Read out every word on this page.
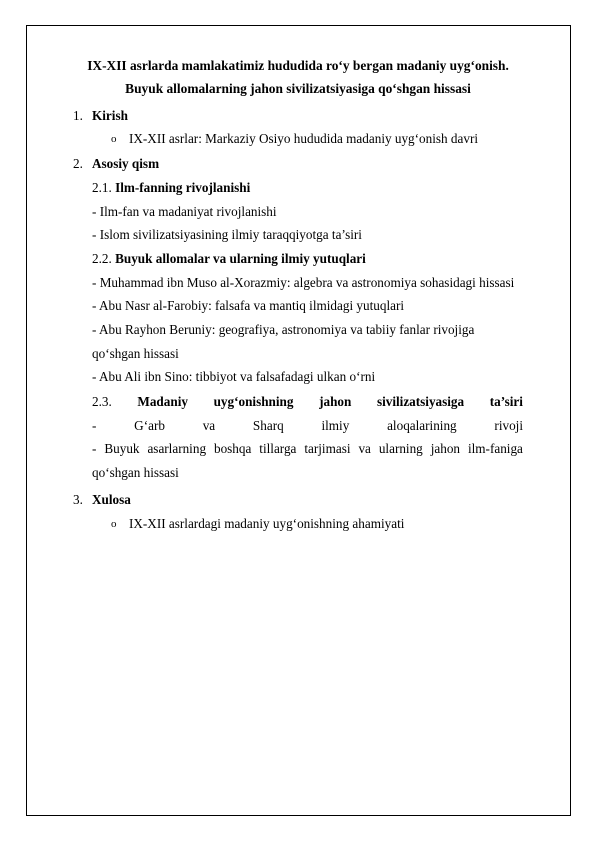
IX-XII asrlarda mamlakatimiz hududida ro‘y bergan madaniy uyg‘onish.
Buyuk allomalarning jahon sivilizatsiyasiga qo‘shgan hissasi
1. Kirish
o IX-XII asrlar: Markaziy Osiyo hududida madaniy uyg‘onish davri
2. Asosiy qism
2.1. Ilm-fanning rivojlanishi
- Ilm-fan va madaniyat rivojlanishi
- Islom sivilizatsiyasining ilmiy taraqqiyotga ta’siri
2.2. Buyuk allomalar va ularning ilmiy yutuqlari
- Muhammad ibn Muso al-Xorazmiy: algebra va astronomiya sohasidagi hissasi
- Abu Nasr al-Farobiy: falsafa va mantiq ilmidagi yutuqlari
- Abu Rayhon Beruniy: geografiya, astronomiya va tabiiy fanlar rivojiga
qo‘shgan hissasi
- Abu Ali ibn Sino: tibbiyot va falsafadagi ulkan o‘rni
2.3. Madaniy uyg‘onishning jahon sivilizatsiyasiga ta’siri
-	G‘arb	va	Sharq	ilmiy	aloqalarining	rivoji
- Buyuk asarlarning boshqa tillarga tarjimasi va ularning jahon ilm-faniga
qo‘shgan hissasi
3. Xulosa
o IX-XII asrlardagi madaniy uyg‘onishning ahamiyati
